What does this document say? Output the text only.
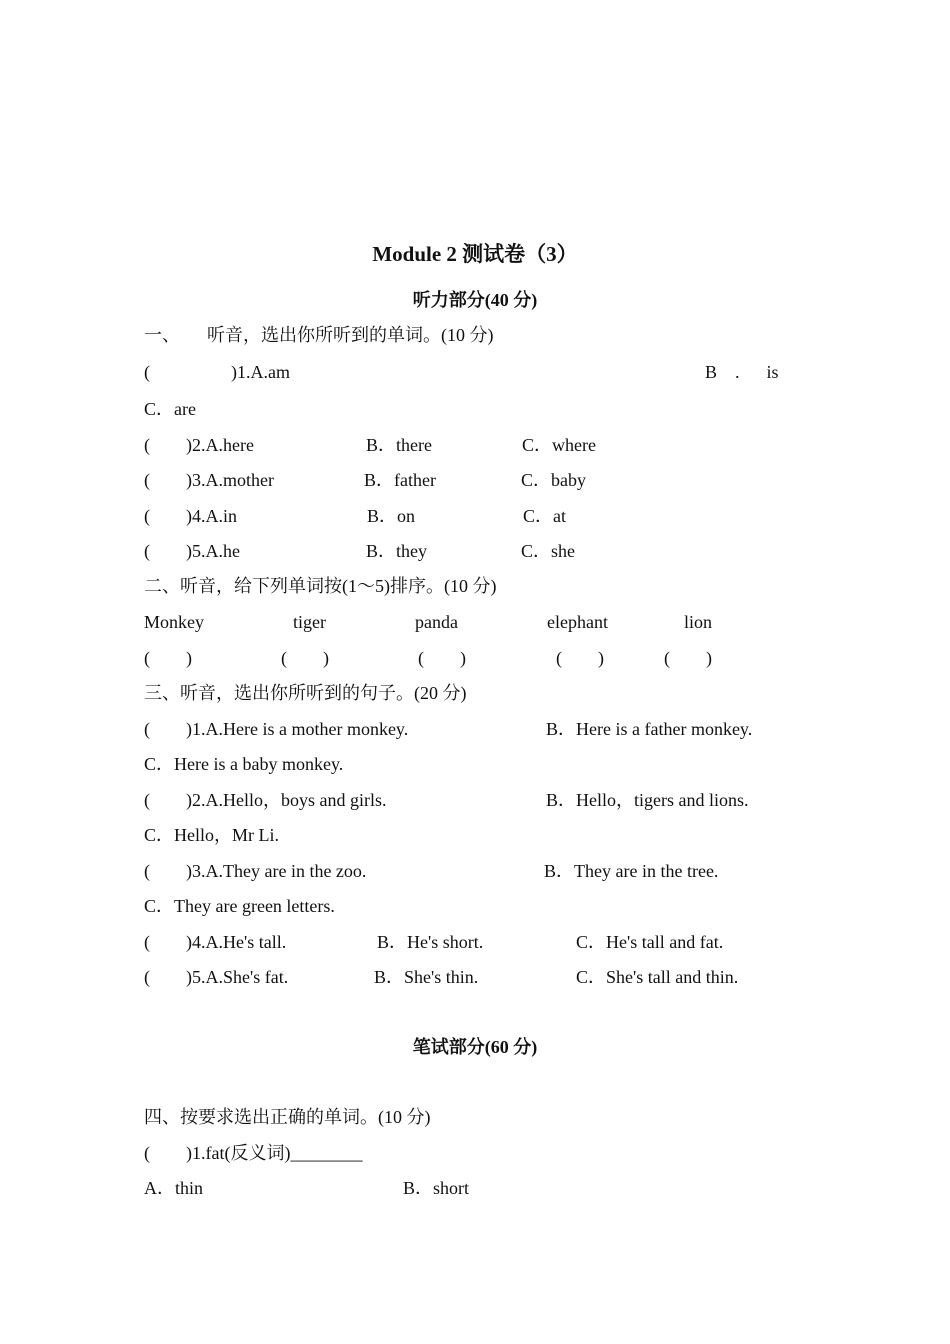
Module 2 测试卷（3）
听力部分(40 分)
一、      听音，选出你所听到的单词。(10 分)
(                  )1.A.am	B    .      is
C．are
(        )2.A.here	B．there	C．where
(        )3.A.mother	B．father	C．baby
(        )4.A.in	B．on	C．at
(        )5.A.he	B．they	C．she
二、听音，给下列单词按(1～5)排序。(10 分)
Monkey	tiger	panda	elephant	lion
(        )	(        )	(        )	(        )	(        )
三、听音，选出你所听到的句子。(20 分)
(        )1.A.Here is a mother monkey.	B．Here is a father monkey.
C．Here is a baby monkey.
(        )2.A.Hello，boys and girls.	B．Hello，tigers and lions.
C．Hello，Mr Li.
(        )3.A.They are in the zoo.	B．They are in the tree.
C．They are green letters.
(        )4.A.He's tall.	B．He's short.	C．He's tall and fat.
(        )5.A.She's fat.	B．She's thin.	C．She's tall and thin.
笔试部分(60 分)
四、按要求选出正确的单词。(10 分)
(        )1.fat(反义词)________
A．thin	B．short
